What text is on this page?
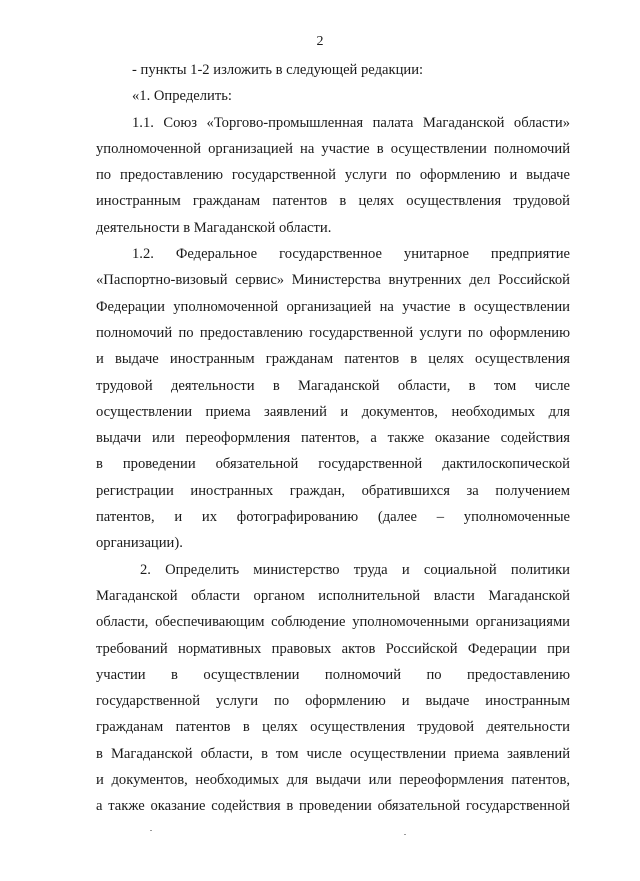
2
- пункты 1-2 изложить в следующей редакции:
«1. Определить:
1.1. Союз «Торгово-промышленная палата Магаданской области»
уполномоченной организацией на участие в осуществлении полномочий
по предоставлению государственной услуги по оформлению и выдаче
иностранным гражданам патентов в целях осуществления трудовой
деятельности в Магаданской области.
1.2. Федеральное государственное унитарное предприятие
«Паспортно-визовый сервис» Министерства внутренних дел Российской
Федерации уполномоченной организацией на участие в осуществлении
полномочий по предоставлению государственной услуги по оформлению
и выдаче иностранным гражданам патентов в целях осуществления
трудовой деятельности в Магаданской области, в том числе
осуществлении приема заявлений и документов, необходимых для
выдачи или переоформления патентов, а также оказание содействия
в проведении обязательной государственной дактилоскопической
регистрации иностранных граждан, обратившихся за получением
патентов, и их фотографированию (далее – уполномоченные
организации).
2. Определить министерство труда и социальной политики
Магаданской области органом исполнительной власти Магаданской
области, обеспечивающим соблюдение уполномоченными организациями
требований нормативных правовых актов Российской Федерации при
участии в осуществлении полномочий по предоставлению
государственной услуги по оформлению и выдаче иностранным
гражданам патентов в целях осуществления трудовой деятельности
в Магаданской области, в том числе осуществлении приема заявлений
и документов, необходимых для выдачи или переоформления патентов,
а также оказание содействия в проведении обязательной государственной
